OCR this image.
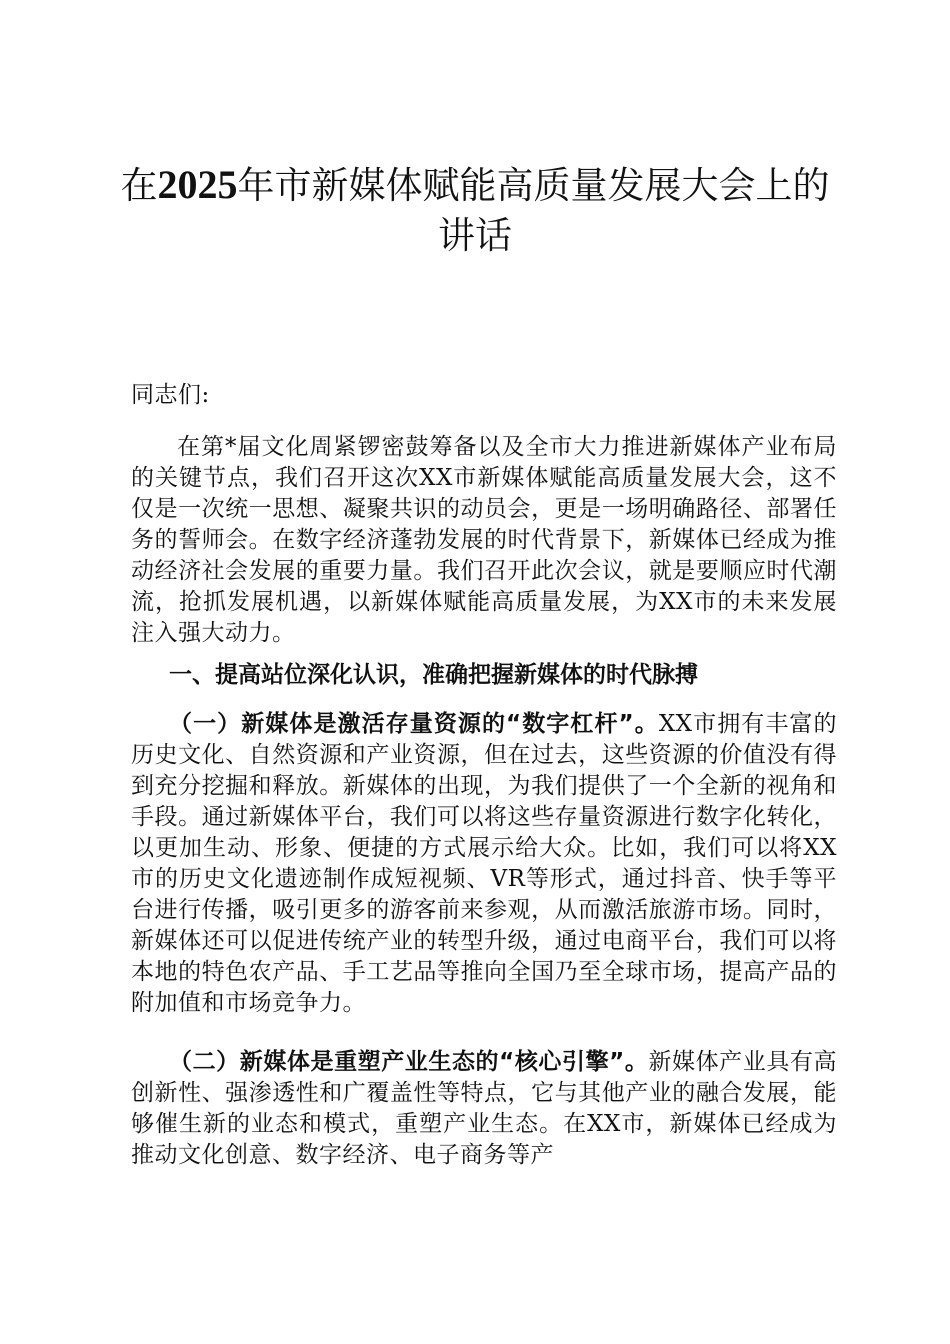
在2025年市新媒体赋能高质量发展大会上的讲话

同志们:

在第*届文化周紧锣密鼓筹备以及全市大力推进新媒体产业布局的关键节点，我们召开这次XX市新媒体赋能高质量发展大会，这不仅是一次统一思想、凝聚共识的动员会，更是一场明确路径、部署任务的誓师会。在数字经济蓬勃发展的时代背景下，新媒体已经成为推动经济社会发展的重要力量。我们召开此次会议，就是要顺应时代潮流，抢抓发展机遇，以新媒体赋能高质量发展，为XX市的未来发展注入强大动力。

一、提高站位深化认识，准确把握新媒体的时代脉搏

（一）新媒体是激活存量资源的“数字杠杆”。XX市拥有丰富的历史文化、自然资源和产业资源，但在过去，这些资源的价值没有得到充分挖掘和释放。新媒体的出现，为我们提供了一个全新的视角和手段。通过新媒体平台，我们可以将这些存量资源进行数字化转化，以更加生动、形象、便捷的方式展示给大众。比如，我们可以将XX市的历史文化遗迹制作成短视频、VR等形式，通过抖音、快手等平台进行传播，吸引更多的游客前来参观，从而激活旅游市场。同时，新媒体还可以促进传统产业的转型升级，通过电商平台，我们可以将本地的特色农产品、手工艺品等推向全国乃至全球市场，提高产品的附加值和市场竞争力。

（二）新媒体是重塑产业生态的“核心引擎”。新媒体产业具有高创新性、强渗透性和广覆盖性等特点，它与其他产业的融合发展，能够催生新的业态和模式，重塑产业生态。在XX市，新媒体已经成为推动文化创意、数字经济、电子商务等产
